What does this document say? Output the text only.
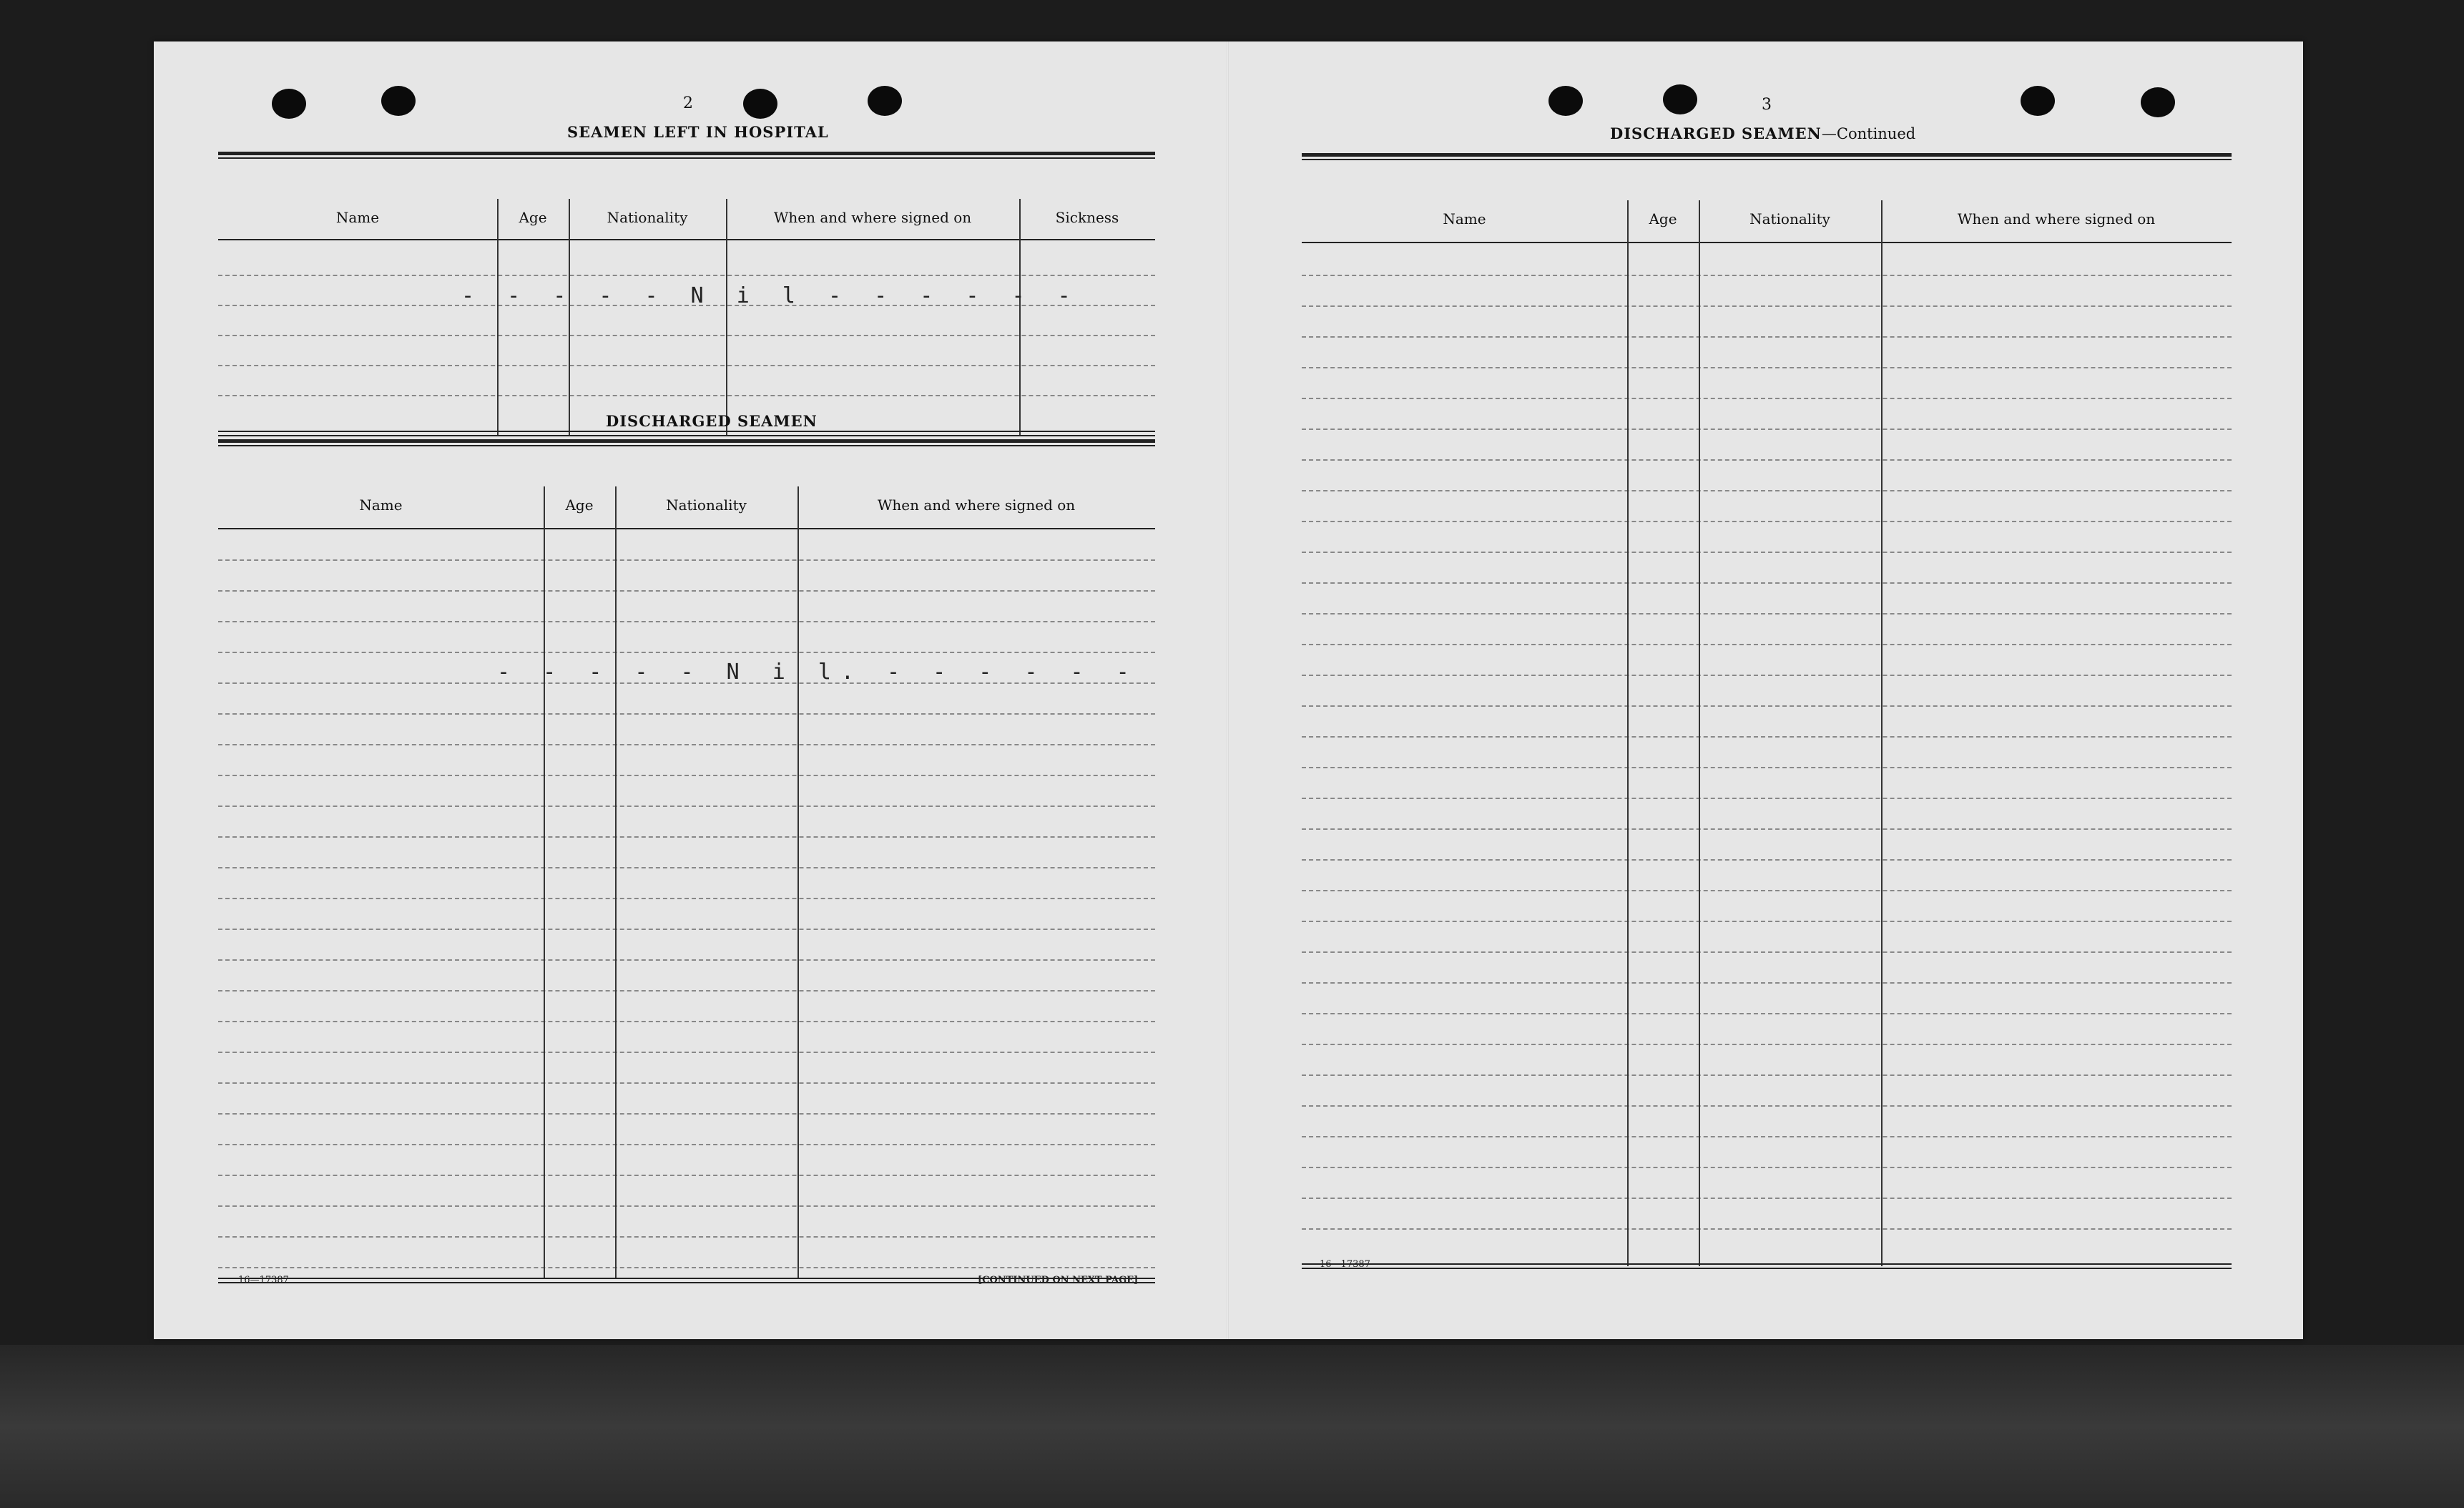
2
SEAMEN LEFT IN HOSPITAL
Name	Age	Nationality	When and where signed on	Sickness
- - - - - N i l - - - - - -
DISCHARGED SEAMEN
Name	Age	Nationality	When and where signed on
- - - - - N i l. - - - - - -
16—17387	[CONTINUED ON NEXT PAGE]
3
DISCHARGED SEAMEN—Continued
Name	Age	Nationality	When and where signed on
16—17387
